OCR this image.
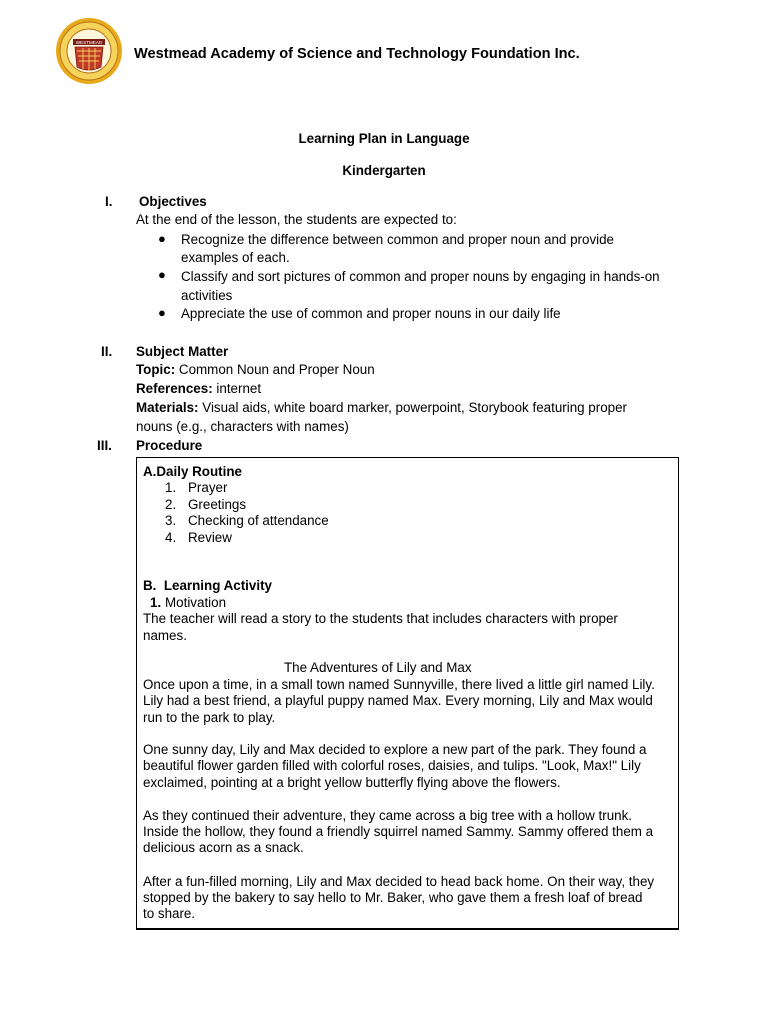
WESTMEAD
Westmead Academy of Science and Technology Foundation Inc.
Learning Plan in Language
Kindergarten
I. Objectives
At the end of the lesson, the students are expected to:
● Recognize the difference between common and proper noun and provide
examples of each.
● Classify and sort pictures of common and proper nouns by engaging in hands-on
activities
● Appreciate the use of common and proper nouns in our daily life
II. Subject Matter
Topic: Common Noun and Proper Noun
References: internet
Materials: Visual aids, white board marker, powerpoint, Storybook featuring proper
nouns (e.g., characters with names)
III. Procedure
A.Daily Routine
1. Prayer
2. Greetings
3. Checking of attendance
4. Review
B.  Learning Activity
1. Motivation
The teacher will read a story to the students that includes characters with proper
names.
The Adventures of Lily and Max
Once upon a time, in a small town named Sunnyville, there lived a little girl named Lily.
Lily had a best friend, a playful puppy named Max. Every morning, Lily and Max would
run to the park to play.
One sunny day, Lily and Max decided to explore a new part of the park. They found a
beautiful flower garden filled with colorful roses, daisies, and tulips. "Look, Max!" Lily
exclaimed, pointing at a bright yellow butterfly flying above the flowers.
As they continued their adventure, they came across a big tree with a hollow trunk.
Inside the hollow, they found a friendly squirrel named Sammy. Sammy offered them a
delicious acorn as a snack.
After a fun-filled morning, Lily and Max decided to head back home. On their way, they
stopped by the bakery to say hello to Mr. Baker, who gave them a fresh loaf of bread
to share.
